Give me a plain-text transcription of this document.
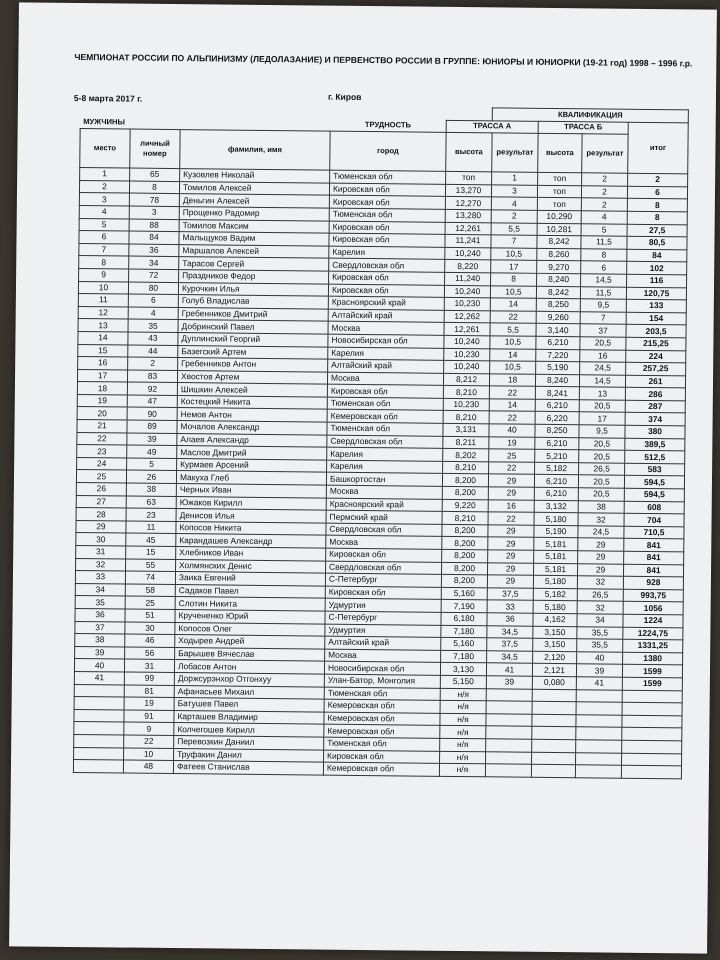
ЧЕМПИОНАТ РОССИИ ПО АЛЬПИНИЗМУ (ЛЕДОЛАЗАНИЕ) И ПЕРВЕНСТВО РОССИИ В ГРУППЕ: ЮНИОРЫ И ЮНИОРКИ (19-21 год) 1998 – 1996 г.р.
5-8 марта 2017 г.	г. Киров
					КВАЛИФИКАЦИЯ			
МУЖЧИНЫ			ТРУДНОСТЬ	ТРАССА А		ТРАССА Б		итог
место	личный номер	фамилия, имя	город	высота	результат	высота	результат	
1	65	Кузовлев Николай	Тюменская обл	топ	1	топ	2	2
2	8	Томилов Алексей	Кировская обл	13,270	3	топ	2	6
3	78	Деньгин Алексей	Кировская обл	12,270	4	топ	2	8
4	3	Прощенко Радомир	Тюменская обл	13,280	2	10,290	4	8
5	88	Томилов Максим	Кировская обл	12,261	5,5	10,281	5	27,5
6	84	Мальщуков Вадим	Кировская обл	11,241	7	8,242	11,5	80,5
7	36	Маршалов Алексей	Карелия	10,240	10,5	8,260	8	84
8	34	Тарасов Сергей	Свердловская обл	8,220	17	9,270	6	102
9	72	Праздников Федор	Кировская обл	11,240	8	8,240	14,5	116
10	80	Курочкин Илья	Кировская обл	10,240	10,5	8,242	11,5	120,75
11	6	Голуб Владислав	Красноярский край	10,230	14	8,250	9,5	133
12	4	Гребенников Дмитрий	Алтайский край	12,262	22	9,260	7	154
13	35	Добринский Павел	Москва	12,261	5,5	3,140	37	203,5
14	43	Дуплинский Георгий	Новосибирская обл	10,240	10,5	6,210	20,5	215,25
15	44	Базегский Артем	Карелия	10,230	14	7,220	16	224
16	2	Гребенников Антон	Алтайский край	10,240	10,5	5,190	24,5	257,25
17	83	Хвостов Артем	Москва	8,212	18	8,240	14,5	261
18	92	Шишкин Алексей	Кировская обл	8,210	22	8,241	13	286
19	47	Костецкий Никита	Тюменская обл	10,230	14	6,210	20,5	287
20	90	Немов Антон	Кемеровская обл	8,210	22	6,220	17	374
21	89	Мочалов Александр	Тюменская обл	3,131	40	8,250	9,5	380
22	39	Алаев Александр	Свердловская обл	8,211	19	6,210	20,5	389,5
23	49	Маслов Дмитрий	Карелия	8,202	25	5,210	20,5	512,5
24	5	Курмаев Арсений	Карелия	8,210	22	5,182	26,5	583
25	26	Макуха Глеб	Башкортостан	8,200	29	6,210	20,5	594,5
26	38	Черных Иван	Москва	8,200	29	6,210	20,5	594,5
27	63	Южаков Кирилл	Красноярский край	9,220	16	3,132	38	608
28	23	Денисов Илья	Пермский край	8,210	22	5,180	32	704
29	11	Копосов Никита	Свердловская обл	8,200	29	5,190	24,5	710,5
30	45	Карандашев Александр	Москва	8,200	29	5,181	29	841
31	15	Хлебников Иван	Кировская обл	8,200	29	5,181	29	841
32	55	Холмянских Денис	Свердловская обл	8,200	29	5,181	29	841
33	74	Заика Евгений	С-Петербург	8,200	29	5,180	32	928
34	58	Садаков Павел	Кировская обл	5,160	37,5	5,182	26,5	993,75
35	25	Слотин Никита	Удмуртия	7,190	33	5,180	32	1056
36	51	Кручененко Юрий	С-Петербург	6,180	36	4,162	34	1224
37	30	Копосов Олег	Удмуртия	7,180	34,5	3,150	35,5	1224,75
38	46	Ходырев Андрей	Алтайский край	5,160	37,5	3,150	35,5	1331,25
39	56	Барышев Вячеслав	Москва	7,180	34,5	2,120	40	1380
40	31	Лобасов Антон	Новосибирская обл	3,130	41	2,121	39	1599
41	99	Доржсурэнхор Отгонхуу	Улан-Батор, Монголия	5,150	39	0,080	41	1599
	81	Афанасьев Михаил	Тюменская обл	н/я				
	19	Батушев Павел	Кемеровская обл	н/я				
	91	Карташев Владимир	Кемеровская обл	н/я				
	9	Колчегошев Кирилл	Кемеровская обл	н/я				
	22	Перевозкин Даниил	Тюменская обл	н/я				
	10	Труфакин Данил	Кировская обл	н/я				
	48	Фатеев Станислав	Кемеровская обл	н/я				
